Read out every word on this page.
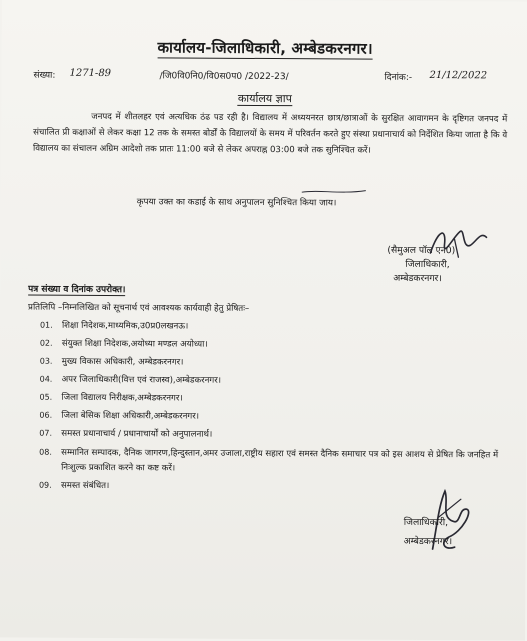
कार्यालय-जिलाधिकारी, अम्बेडकरनगर।
संख्या: 1271-89	/जि0वि0नि0/वि0स0प0 /2022-23/	दिनांक:- 21/12/2022
कार्यालय ज्ञाप
जनपद में शीतलहर एवं अत्यधिक ठंढ पड रही है। विद्यालय में अध्ययनरत छात्र/छात्राओं के सुरक्षित आवागमन के दृष्टिगत जनपद में संचालित प्री कक्षाओं से लेकर कक्षा 12 तक के समस्त बोर्डों के विद्यालयों के समय में परिवर्तन करते हुए संस्था प्रधानाचार्य को निर्देशित किया जाता है कि वे विद्यालय का संचालन अग्रिम आदेशो तक प्रातः 11:00 बजे से लेकर अपराह्न 03:00 बजे तक सुनिश्चित करें।
कृपया उक्त का कडाई के साथ अनुपालन सुनिश्चित किया जाय।
(सैमुअल पॉल एन0)
जिलाधिकारी,
अम्बेडकरनगर।
पत्र संख्या व दिनांक उपरोक्त।
प्रतिलिपि –निम्नलिखित को सूचनार्थ एवं आवश्यक कार्यवाही हेतु प्रेषितः–
01. शिक्षा निदेशक,माध्यमिक,उ0प्र0लखनऊ।
02. संयुक्त शिक्षा निदेशक,अयोध्या मण्डल अयोध्या।
03. मुख्य विकास अधिकारी, अम्बेडकरनगर।
04. अपर जिलाधिकारी(वित्त एवं राजस्व),अम्बेडकरनगर।
05. जिला विद्यालय निरीक्षक,अम्बेडकरनगर।
06. जिला बेसिक शिक्षा अधिकारी,अम्बेडकरनगर।
07. समस्त प्रधानाचार्य / प्रधानाचार्यों को अनुपालनार्थ।
08.	सम्मानित सम्पादक, दैनिक जागरण,हिन्दुस्तान,अमर उजाला,राष्ट्रीय सहारा एवं समस्त दैनिक समाचार पत्र को इस आशय से प्रेषित कि जनहित में निःशुल्क प्रकाशित करने का कष्ट करें।
09. समस्त संबंधित।
जिलाधिकारी,
अम्बेडकरनगर।
